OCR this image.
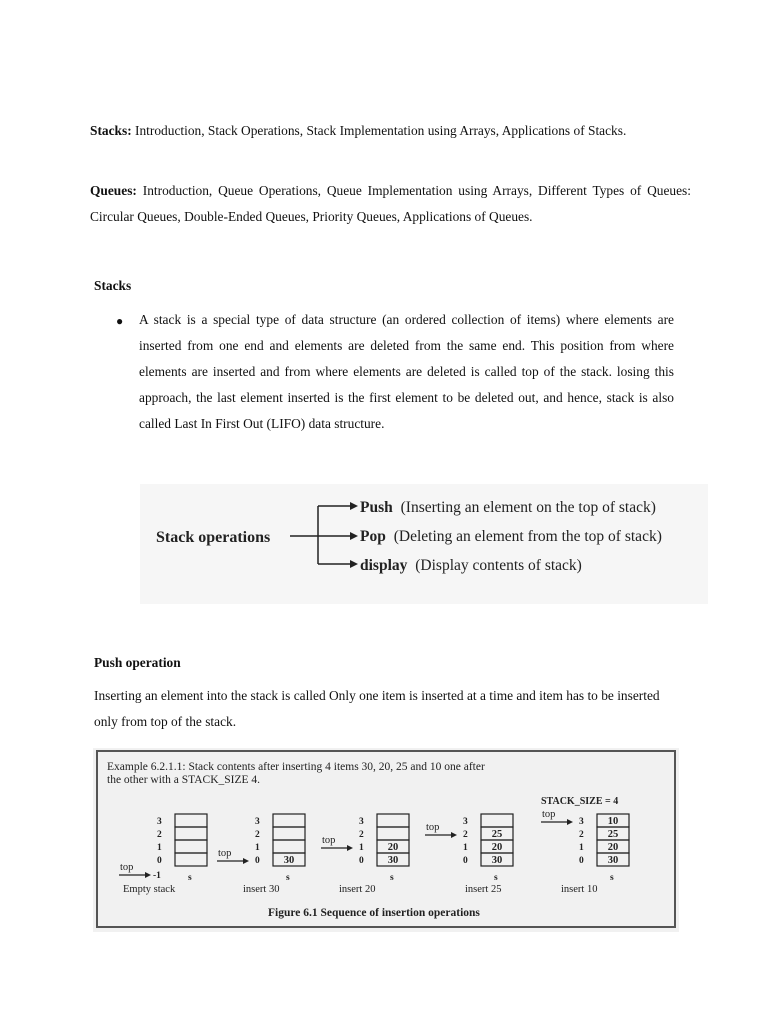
Stacks: Introduction, Stack Operations, Stack Implementation using Arrays, Applications of Stacks.
Queues: Introduction, Queue Operations, Queue Implementation using Arrays, Different Types of Queues: Circular Queues, Double-Ended Queues, Priority Queues, Applications of Queues.
Stacks
● A stack is a special type of data structure (an ordered collection of items) where elements are inserted from one end and elements are deleted from the same end. This position from where elements are inserted and from where elements are deleted is called top of the stack. losing this approach, the last element inserted is the first element to be deleted out, and hence, stack is also called Last In First Out (LIFO) data structure.
Stack operations
Push (Inserting an element on the top of stack)
Pop (Deleting an element from the top of stack)
display (Display contents of stack)
Push operation
Inserting an element into the stack is called Only one item is inserted at a time and item has to be inserted only from top of the stack.
Example 6.2.1.1: Stack contents after inserting 4 items 30, 20, 25 and 10 one after
the other with a STACK_SIZE 4.
STACK_SIZE = 4
Figure 6.1 Sequence of insertion operations
3
2
1
0
-1	s
top
Empty stack
3
2
1
0 30
s
top
insert 30
3
2
1 20
0 30
s
top
insert 20
3
2 25
1 20
0 30
s
top
insert 25
3 10
2 25
1 20
0 30
s
top
insert 10
